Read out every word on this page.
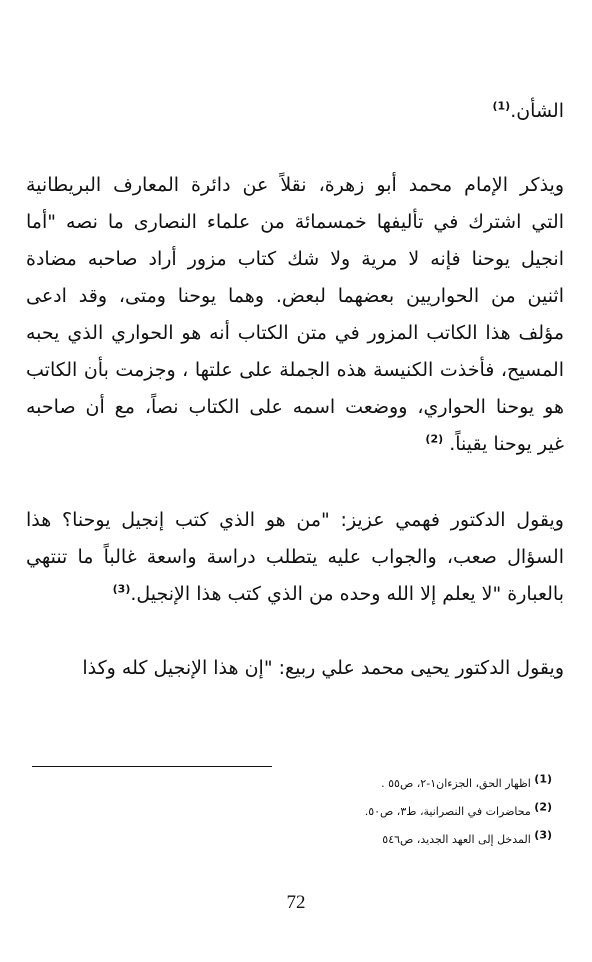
الشأن.$^{(1)}$
ويذكر الإمام محمد أبو زهرة، نقلاً عن دائرة المعارف البريطانية
التي اشترك في تأليفها خمسمائة من علماء النصارى ما نصه "أما
انجيل يوحنا فإنه لا مرية ولا شك كتاب مزور أراد صاحبه مضادة
اثنين من الحواريين بعضهما لبعض. وهما يوحنا ومتى، وقد ادعى
مؤلف هذا الكاتب المزور في متن الكتاب أنه هو الحواري الذي يحبه
المسيح، فأخذت الكنيسة هذه الجملة على علتها ، وجزمت بأن الكاتب
هو يوحنا الحواري، ووضعت اسمه على الكتاب نصاً، مع أن صاحبه
غير يوحنا يقيناً. $^{(2)}$
ويقول الدكتور فهمي عزيز: "من هو الذي كتب إنجيل يوحنا؟ هذا
السؤال صعب، والجواب عليه يتطلب دراسة واسعة غالباً ما تنتهي
بالعبارة "لا يعلم إلا الله وحده من الذي كتب هذا الإنجيل.$^{(3)}$
ويقول الدكتور يحيى محمد علي ربيع: "إن هذا الإنجيل كله وكذا
$^{(1)}$ اظهار الحق، الجزءان١-٢، ص٥٥ .
$^{(2)}$ محاضرات في النصرانية، ط٣، ص٥٠.
$^{(3)}$ المدخل إلى العهد الجديد، ص٥٤٦
72
